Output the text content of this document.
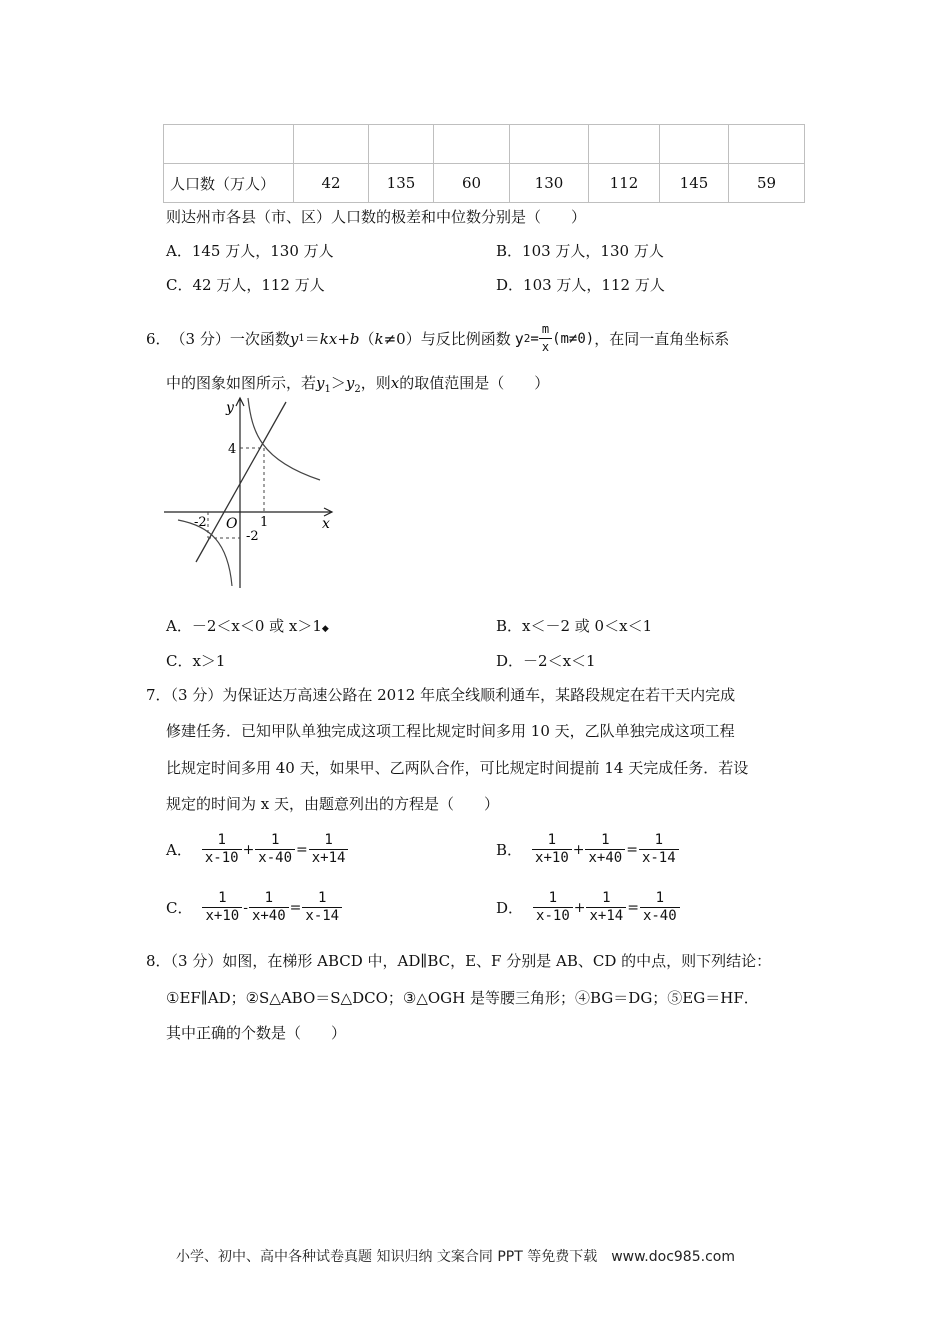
人口数（万人）	42	135	60	130	112	145	59
则达州市各县（市、区）人口数的极差和中位数分别是（　　）
A．145 万人，130 万人	B．103 万人，130 万人
C．42 万人，112 万人	D．103 万人，112 万人
6． （3 分） 一次函数 y 1 ＝ kx + b （ k ≠0）与反比例函数 y $2 = \frac{m}{x} (m\ne 0)$ ，在同一直角坐标系
中的图象如图所示，若$y_1>y_2$，则x的取值范围是（　　）
y
x
O
4
-2	1
-2
A．－2＜x＜0 或 x＞1◆	B．x＜－2 或 0＜x＜1
C．x＞1	D．－2＜x＜1
7．（3 分）为保证达万高速公路在 2012 年底全线顺利通车，某路段规定在若干天内完成
修建任务．已知甲队单独完成这项工程比规定时间多用 10 天，乙队单独完成这项工程
比规定时间多用 40 天，如果甲、乙两队合作，可比规定时间提前 14 天完成任务．若设
规定的时间为 x 天，由题意列出的方程是（　　）
A． $\frac{1}{x-10} + \frac{1}{x-40} = \frac{1}{x+14}$	B． $\frac{1}{x+10} + \frac{1}{x+40} = \frac{1}{x-14}$
C． $\frac{1}{x+10} - \frac{1}{x+40} = \frac{1}{x-14}$	D． $\frac{1}{x-10} + \frac{1}{x+14} = \frac{1}{x-40}$
8．（3 分）如图，在梯形 ABCD 中，AD∥BC，E、F 分别是 AB、CD 的中点，则下列结论：
①EF∥AD；②S△ABO＝S△DCO；③△OGH 是等腰三角形；④BG＝DG；⑤EG＝HF．
其中正确的个数是（　　）
小学、初中、高中各种试卷真题 知识归纳 文案合同 PPT 等免费下载　www.doc985.com
